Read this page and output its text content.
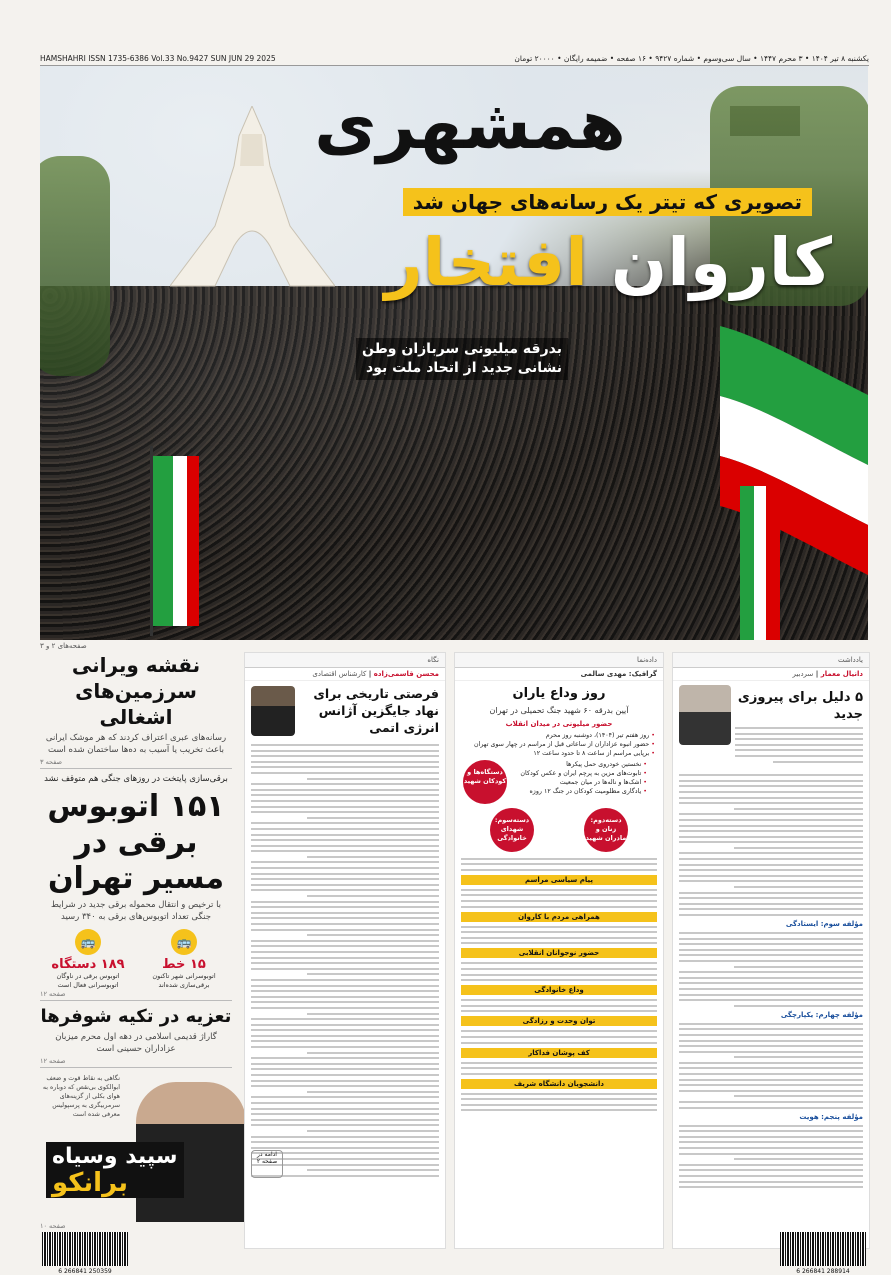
HAMSHAHRI ISSN 1735-6386 Vol.33 No.9427 SUN JUN 29 2025	یکشنبه ۸ تیر ۱۴۰۴ • ۳ محرم ۱۴۴۷ • سال سی‌وسوم • شماره ۹۴۲۷ • ۱۶ صفحه • ضمیمه رایگان • ۲۰۰۰۰ تومان
همشهری
تصویری که تیتر یک رسانه‌های جهان شد
کاروان افتخار
بدرقه میلیونی سربازان وطن
نشانی جدید از اتحاد ملت بود
صفحه‌های ۲ و ۳
نقشه ویرانی سرزمین‌های اشغالی

رسانه‌های عبری اعتراف کردند که هر موشک ایرانی باعث تخریب یا آسیب به ده‌ها ساختمان شده است

صفحه ۳

برقی‌سازی پایتخت در روزهای جنگی هم متوقف نشد

۱۵۱ اتوبوس برقی در مسیر تهران

با ترخیص و انتقال محموله برقی جدید در شرایط جنگی تعداد اتوبوس‌های برقی به ۳۴۰ رسید

🚌
۱۵ خط
اتوبوسرانی شهر تاکنون برقی‌سازی شده‌اند
🚌
۱۸۹ دستگاه
اتوبوس برقی در ناوگان اتوبوسرانی فعال است
صفحه ۱۲
تعزیه در تکیه شوفرها

گاراژ قدیمی اسلامی در دهه اول محرم میزبان عزاداران حسینی است

صفحه ۱۲

نگاهی به نقاط قوت و ضعف ابوالکوی بی‌نقص که دوباره به هوای بکلی از گزینه‌های سرمربیگری به پرسپولیس معرفی شده است

سپید وسیاه
برانکو
صفحه ۱۰
نگاه
محسن قاسمی‌زاده | کارشناس اقتصادی
فرصتی تاریخی برای نهاد جایگزین آژانس انرژی اتمی
ادامه در صفحه ۲
داده‌نما
گرافیک: مهدی سالمی
روز وداع یاران
آیین بدرقه ۶۰ شهید جنگ تحمیلی در تهران
حضور میلیونی در میدان انقلاب
• روز هفتم تیر (۱۴۰۴)، دوشنبه روز محرم
• حضور انبوه عزاداران از ساعاتی قبل از مراسم در چهار سوی تهران
• برپایی مراسم از ساعت ۸ تا حدود ساعت ۱۲
• نخستین خودروی حمل پیکرها
• تابوت‌های مزین به پرچم ایران و عکس کودکان
• اشک‌ها و ناله‌ها در میان جمعیت
• یادگاری مظلومیت کودکان در جنگ ۱۲ روزه
دستگاه‌ها و کودکان شهید
دسته‌دوم: زنان و مادران شهید
دسته‌سوم: شهدای خانوادگی
پیام سیاسی مراسم
همراهی مردم با کاروان
حضور نوجوانان انقلابی
وداع خانوادگی
توان وحدت و رزادگی
کف پوشان فداکار
دانشجویان دانشگاه شریف
یادداشت
دانیال معمار | سردبیر
۵ دلیل برای پیروزی جدید
مؤلفه سوم: ایستادگی
مؤلفه چهارم: یکپارچگی
مؤلفه پنجم: هویت
6 266841 250359	6 266841 288914
